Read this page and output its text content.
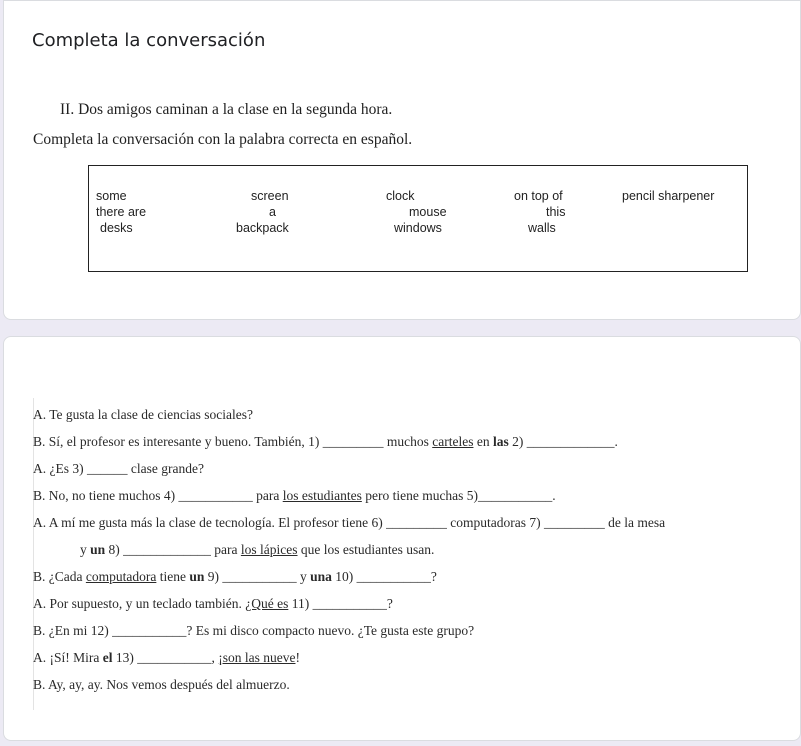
Completa la conversación
II. Dos amigos caminan a la clase en la segunda hora.
Completa la conversación con la palabra correcta en español.
some
there are
desks
screen
a
backpack
clock
mouse
windows
on top of
this
walls
pencil sharpener
A. Te gusta la clase de ciencias sociales?
B. Sí, el profesor es interesante y bueno. También, 1) _________ muchos carteles en las 2) _____________.
A. ¿Es 3) ______ clase grande?
B. No, no tiene muchos 4) ___________ para los estudiantes pero tiene muchas 5)___________.
A. A mí me gusta más la clase de tecnología. El profesor tiene 6) _________ computadoras 7) _________ de la mesa
y un 8) _____________ para los lápices que los estudiantes usan.
B. ¿Cada computadora tiene un 9) ___________ y una 10) ___________?
A. Por supuesto, y un teclado también. ¿Qué es 11) ___________?
B. ¿En mi 12) ___________? Es mi disco compacto nuevo. ¿Te gusta este grupo?
A. ¡Sí! Mira el 13) ___________, ¡son las nueve!
B. Ay, ay, ay. Nos vemos después del almuerzo.
